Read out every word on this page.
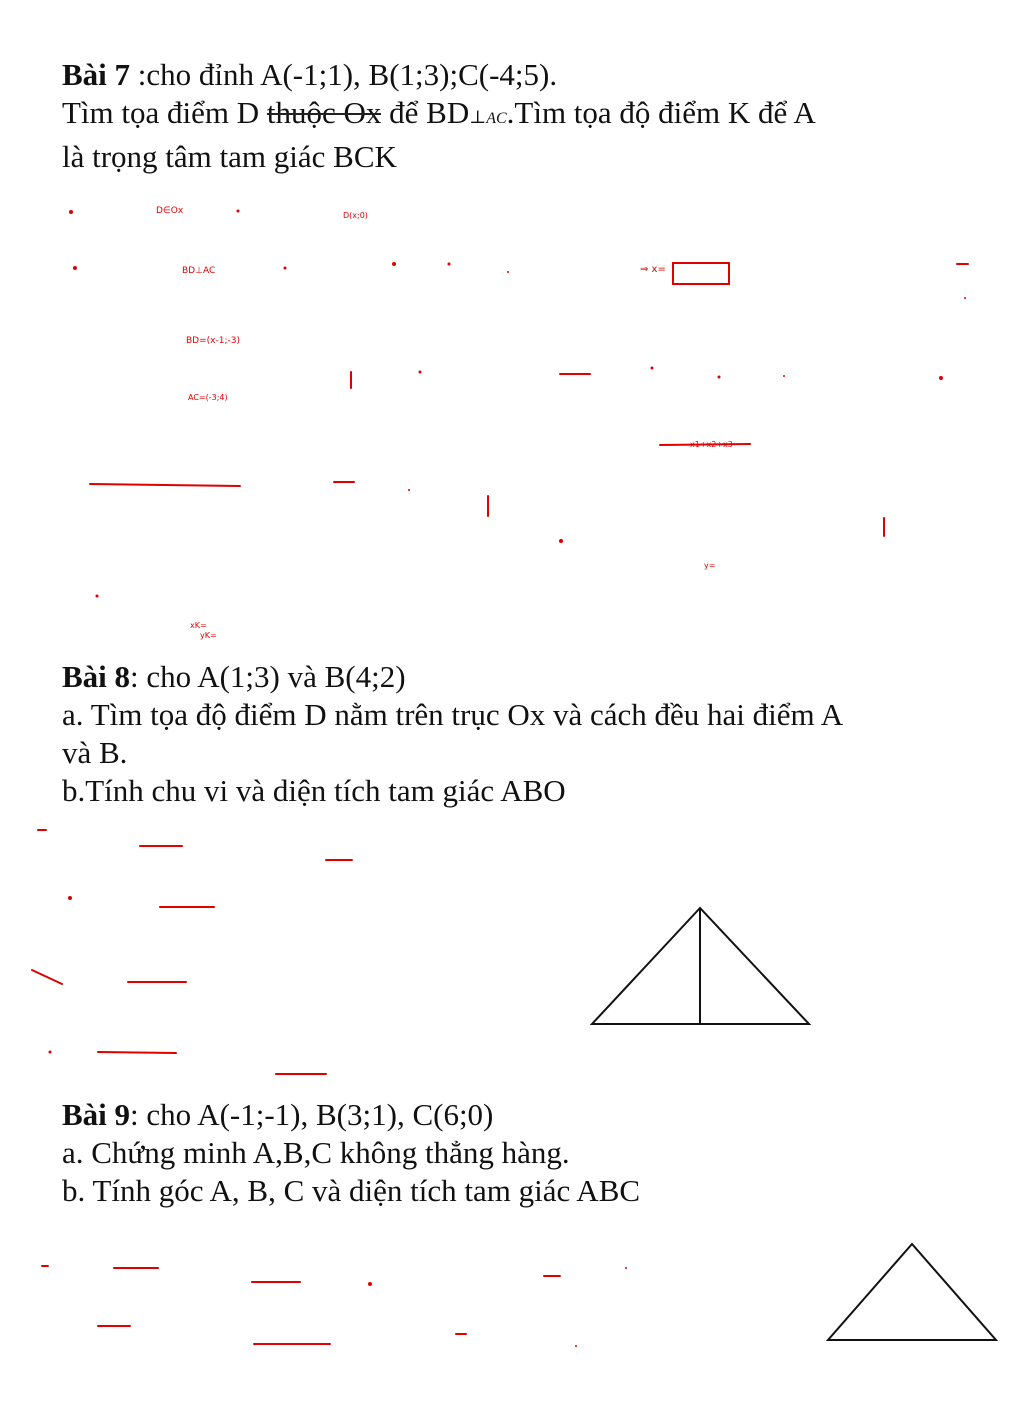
Bài 7 :cho đỉnh A(-1;1), B(1;3);C(-4;5).

Tìm tọa điểm D thuộc Ox để BD⊥AC.Tìm tọa độ điểm K để A

là trọng tâm tam giác BCK

Bài 8: cho A(1;3) và B(4;2)

a. Tìm tọa độ điểm D nằm trên trục Ox và cách đều hai điểm A

và B.

b.Tính chu vi và diện tích tam giác ABO

Bài 9: cho A(-1;-1), B(3;1), C(6;0)

a. Chứng minh A,B,C không thẳng hàng.

b. Tính góc A, B, C và diện tích tam giác ABC

D∈Ox	D(x;0)
BD⊥AC
BD=(x-1;-3)
AC=(-3;4)
⇒ x=
x1+x2+x3
y=
xK=
yK=
